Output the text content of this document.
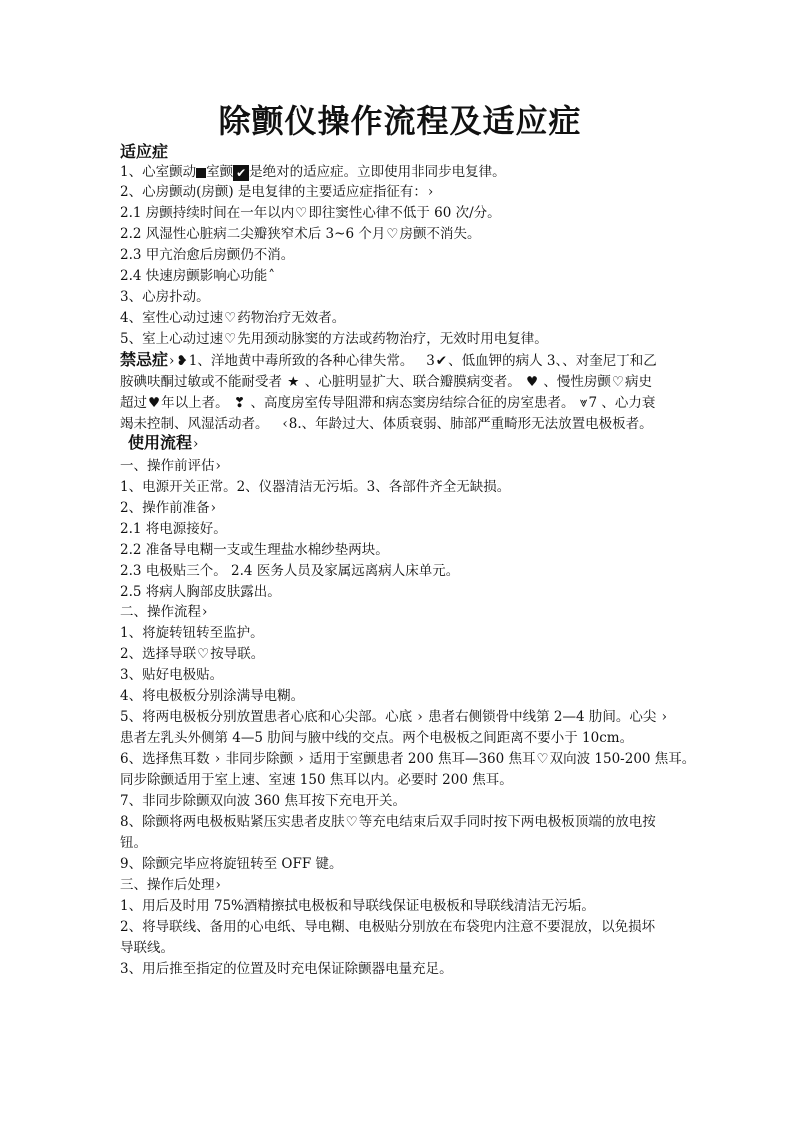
除颤仪操作流程及适应症
适应症
1、心室颤动 室颤 ✔ 是绝对的适应症。立即使用非同步电复律。
2、心房颤动(房颤) 是电复律的主要适应症指征有：›
2.1 房颤持续时间在一年以内♡即往窦性心律不低于 60 次/分。
2.2 风湿性心脏病二尖瓣狭窄术后 3~6 个月♡房颤不消失。
2.3 甲亢治愈后房颤仍不消。
2.4 快速房颤影响心功能˄
3、心房扑动。
4、室性心动过速♡药物治疗无效者。
5、室上心动过速♡先用颈动脉窦的方法或药物治疗，无效时用电复律。
禁忌症› ❥1、洋地黄中毒所致的各种心律失常。 3✔、低血钾的病人 3、、对奎尼丁和乙
胺碘呋酮过敏或不能耐受者 ★ 、心脏明显扩大、联合瓣膜病变者。 ♥ 、慢性房颤♡病史
超过♥年以上者。 ❣ 、高度房室传导阻滞和病态窦房结综合征的房室患者。 ⩔7 、心力衰
竭未控制、风湿活动者。 ‹8.、年龄过大、体质衰弱、肺部严重畸形无法放置电极板者。
使用流程›
一、操作前评估›
1、电源开关正常。2、仪器清洁无污垢。3、各部件齐全无缺损。
2、操作前准备›
2.1 将电源接好。
2.2 准备导电糊一支或生理盐水棉纱垫两块。
2.3 电极贴三个。 2.4 医务人员及家属远离病人床单元。
2.5 将病人胸部皮肤露出。
二、操作流程›
1、将旋转钮转至监护。
2、选择导联♡按导联。
3、贴好电极贴。
4、将电极板分别涂满导电糊。
5、将两电极板分别放置患者心底和心尖部。心底 › 患者右侧锁骨中线第 2—4 肋间。心尖 ›
患者左乳头外侧第 4—5 肋间与腋中线的交点。两个电极板之间距离不要小于 10cm。
6、选择焦耳数 › 非同步除颤 › 适用于室颤患者 200 焦耳—360 焦耳♡双向波 150-200 焦耳。
同步除颤适用于室上速、室速 150 焦耳以内。必要时 200 焦耳。
7、非同步除颤双向波 360 焦耳按下充电开关。
8、除颤将两电极板贴紧压实患者皮肤♡等充电结束后双手同时按下两电极板顶端的放电按
钮。
9、除颤完毕应将旋钮转至 OFF 键。
三、操作后处理›
1、用后及时用 75%酒精擦拭电极板和导联线保证电极板和导联线清洁无污垢。
2、将导联线、备用的心电纸、导电糊、电极贴分别放在布袋兜内注意不要混放，以免损坏
导联线。
3、用后推至指定的位置及时充电保证除颤器电量充足。
